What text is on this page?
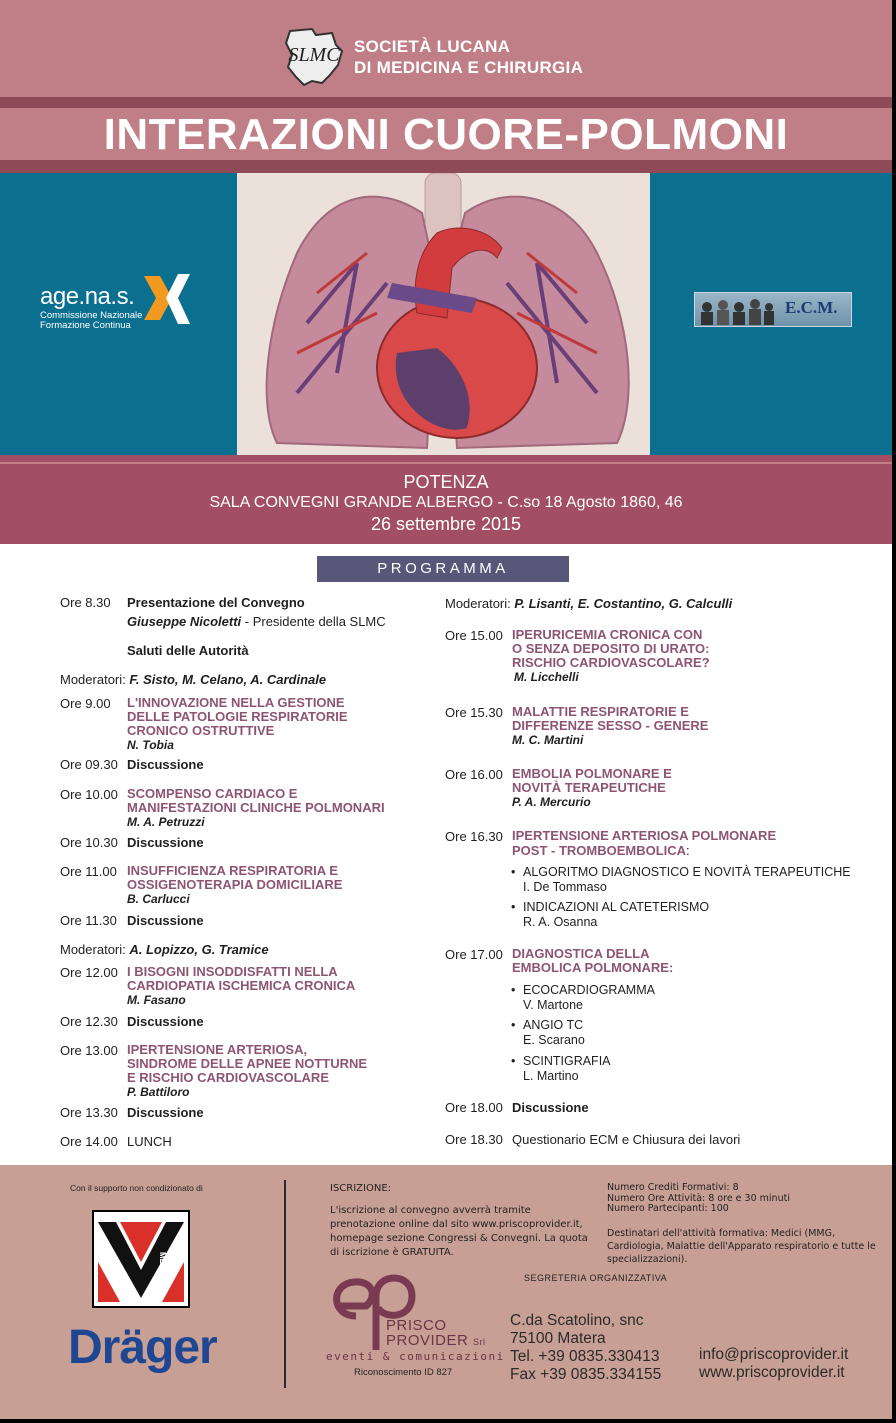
SLMC SOCIETÀ LUCANA
DI MEDICINA E CHIRURGIA
INTERAZIONI CUORE-POLMONI
age.na.s.
Commissione Nazionale
Formazione Continua
E.C.M.
POTENZA
SALA CONVEGNI GRANDE ALBERGO - C.so 18 Agosto 1860, 46
26 settembre 2015
PROGRAMMA
Ore 8.30	Presentazione del Convegno
Giuseppe Nicoletti - Presidente della SLMC
Saluti delle Autorità
Moderatori: F. Sisto, M. Celano, A. Cardinale
Ore 9.00	L'INNOVAZIONE NELLA GESTIONE
DELLE PATOLOGIE RESPIRATORIE
CRONICO OSTRUTTIVE
N. Tobia
Ore 09.30 Discussione
Ore 10.00 SCOMPENSO CARDIACO E
MANIFESTAZIONI CLINICHE POLMONARI
M. A. Petruzzi
Ore 10.30 Discussione
Ore 11.00 INSUFFICIENZA RESPIRATORIA E
OSSIGENOTERAPIA DOMICILIARE
B. Carlucci
Ore 11.30 Discussione
Moderatori: A. Lopizzo, G. Tramice
Ore 12.00 I BISOGNI INSODDISFATTI NELLA
CARDIOPATIA ISCHEMICA CRONICA
M. Fasano
Ore 12.30 Discussione
Ore 13.00 IPERTENSIONE ARTERIOSA,
SINDROME DELLE APNEE NOTTURNE
E RISCHIO CARDIOVASCOLARE
P. Battiloro
Ore 13.30 Discussione
Ore 14.00 LUNCH
Moderatori: P. Lisanti, E. Costantino, G. Calculli
Ore 15.00 IPERURICEMIA CRONICA CON
O SENZA DEPOSITO DI URATO:
RISCHIO CARDIOVASCOLARE?
M. Licchelli
Ore 15.30 MALATTIE RESPIRATORIE E
DIFFERENZE SESSO - GENERE
M. C. Martini
Ore 16.00 EMBOLIA POLMONARE E
NOVITÀ TERAPEUTICHE
P. A. Mercurio
Ore 16.30 IPERTENSIONE ARTERIOSA POLMONARE
POST - TROMBOEMBOLICA:
• ALGORITMO DIAGNOSTICO E NOVITÀ TERAPEUTICHE
I. De Tommaso
• INDICAZIONI AL CATETERISMO
R. A. Osanna
Ore 17.00 DIAGNOSTICA DELLA
EMBOLICA POLMONARE:
• ECOCARDIOGRAMMA
V. Martone
• ANGIO TC
E. Scarano
• SCINTIGRAFIA
L. Martino
Ore 18.00 Discussione
Ore 18.30 Questionario ECM e Chiusura dei lavori
Con il supporto non condizionato di
MENARINI
Dräger
ISCRIZIONE:
L'iscrizione al convegno avverrà tramite prenotazione online dal sito www.priscoprovider.it, homepage sezione Congressi & Convegni. La quota di iscrizione è GRATUITA.
Numero Crediti Formativi: 8
Numero Ore Attività: 8 ore e 30 minuti
Numero Partecipanti: 100
Destinatari dell'attività formativa: Medici (MMG, Cardiologia, Malattie dell'Apparato respiratorio e tutte le specializzazioni).
SEGRETERIA ORGANIZZATIVA
PRISCO
PROVIDER Srl
eventi & comunicazioni
Riconoscimento ID 827
C.da Scatolino, snc
75100 Matera
Tel. +39 0835.330413
Fax +39 0835.334155
info@priscoprovider.it
www.priscoprovider.it
